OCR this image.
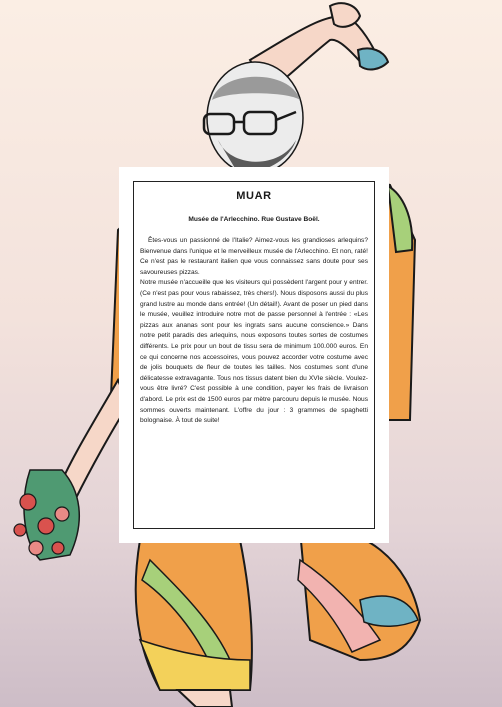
MUAR
Musée de l'Arlecchino. Rue Gustave Boël.

Êtes-vous un passionné de l'Italie? Aimez-vous les grandioses arlequins? Bienvenue dans l'unique et le merveilleux musée de l'Arlecchino. Et non, raté! Ce n'est pas le restaurant italien que vous connaissez sans doute pour ses savoureuses pizzas.

Notre musée n'accueille que les visiteurs qui possèdent l'argent pour y entrer. (Ce n'est pas pour vous rabaissez, très chers!). Nous disposons aussi du plus grand lustre au monde dans entrée! (Un détail!). Avant de poser un pied dans le musée, veuillez introduire notre mot de passe personnel à l'entrée : «Les pizzas aux ananas sont pour les ingrats sans aucune conscience.» Dans notre petit paradis des arlequins, nous exposons toutes sortes de costumes différents. Le prix pour un bout de tissu sera de minimum 100.000 euros. En ce qui concerne nos accessoires, vous pouvez accorder votre costume avec de jolis bouquets de fleur de toutes les tailles. Nos costumes sont d'une délicatesse extravagante. Tous nos tissus datent bien du XVIe siècle. Voulez-vous être livré? C'est possible à une condition, payer les frais de livraison d'abord. Le prix est de 1500 euros par mètre parcouru depuis le musée. Nous sommes ouverts maintenant. L'offre du jour : 3 grammes de spaghetti bolognaise. À tout de suite!
